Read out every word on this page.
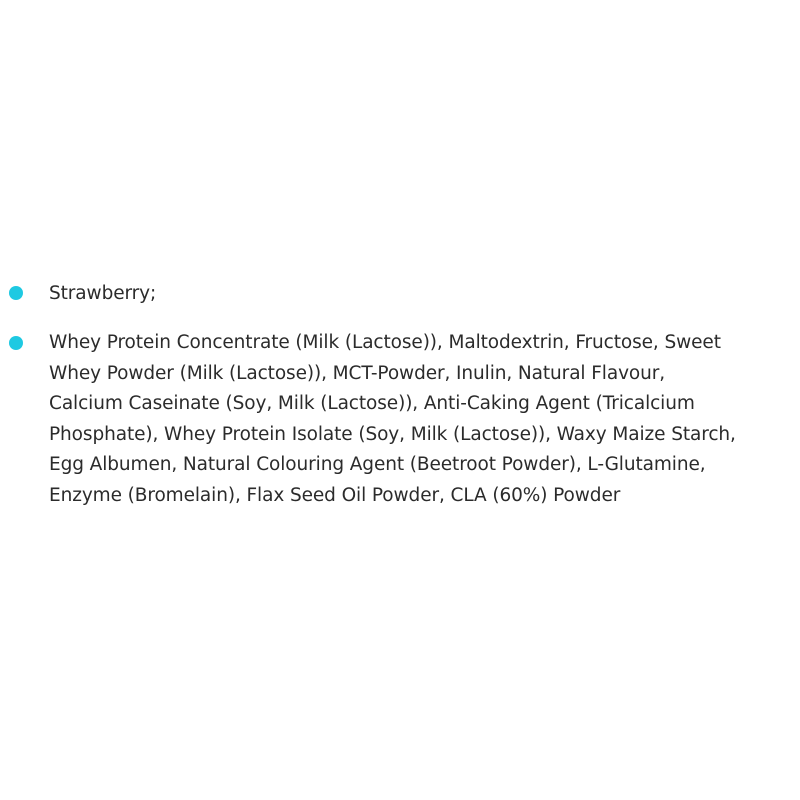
Strawberry;

Whey Protein Concentrate (Milk (Lactose)), Maltodextrin, Fructose, Sweet
Whey Powder (Milk (Lactose)), MCT-Powder, Inulin, Natural Flavour,
Calcium Caseinate (Soy, Milk (Lactose)), Anti-Caking Agent (Tricalcium
Phosphate), Whey Protein Isolate (Soy, Milk (Lactose)), Waxy Maize Starch,
Egg Albumen, Natural Colouring Agent (Beetroot Powder), L-Glutamine,
Enzyme (Bromelain), Flax Seed Oil Powder, CLA (60%) Powder
